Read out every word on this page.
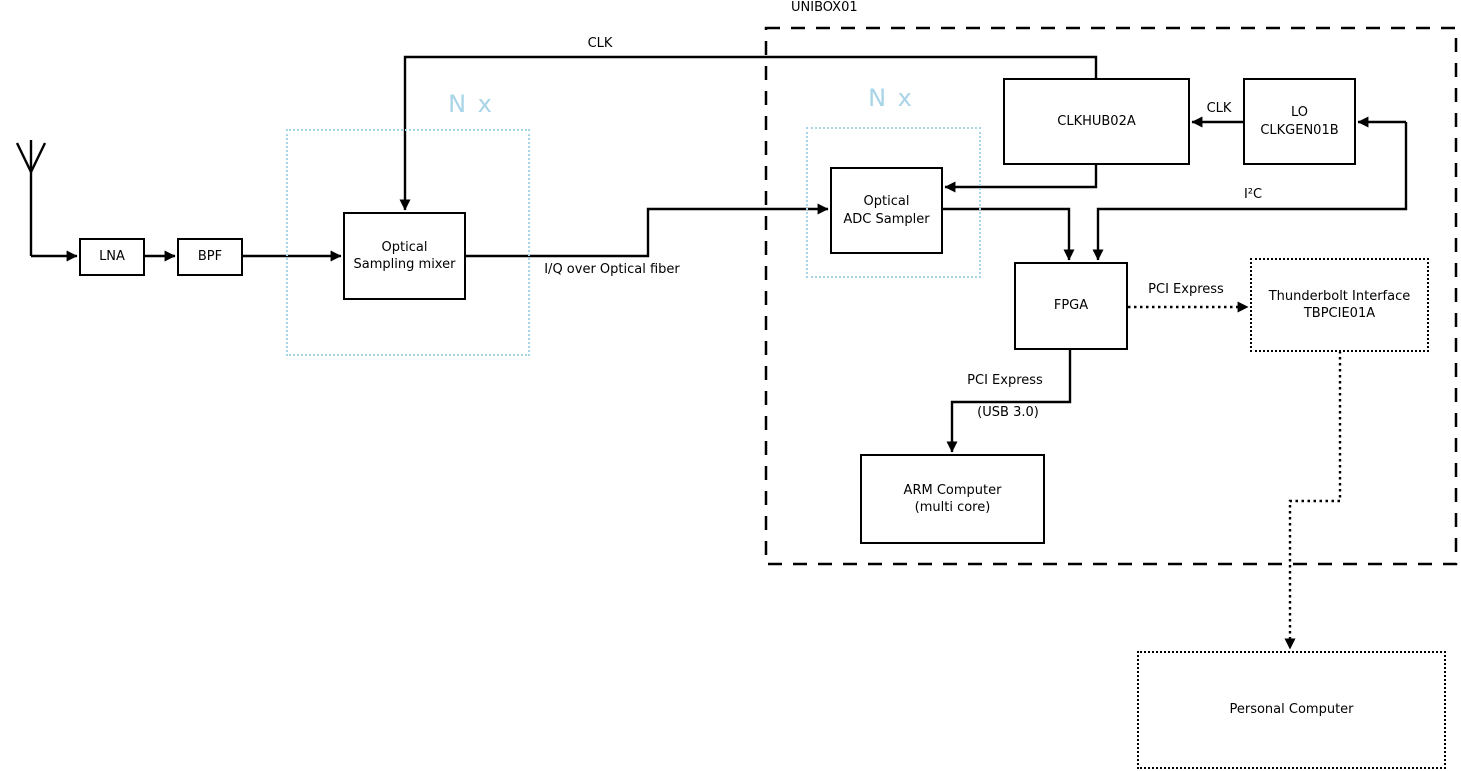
N x	N x
LNA	BPF
Optical
Sampling mixer
Optical
ADC Sampler
CLKHUB02A
LO
CLKGEN01B
FPGA
ARM Computer
(multi core)
Thunderbolt Interface
TBPCIE01A
Personal Computer
UNIBOX01
CLK
I/Q over Optical fiber
CLK
I²C
PCI Express
PCI Express
(USB 3.0)
